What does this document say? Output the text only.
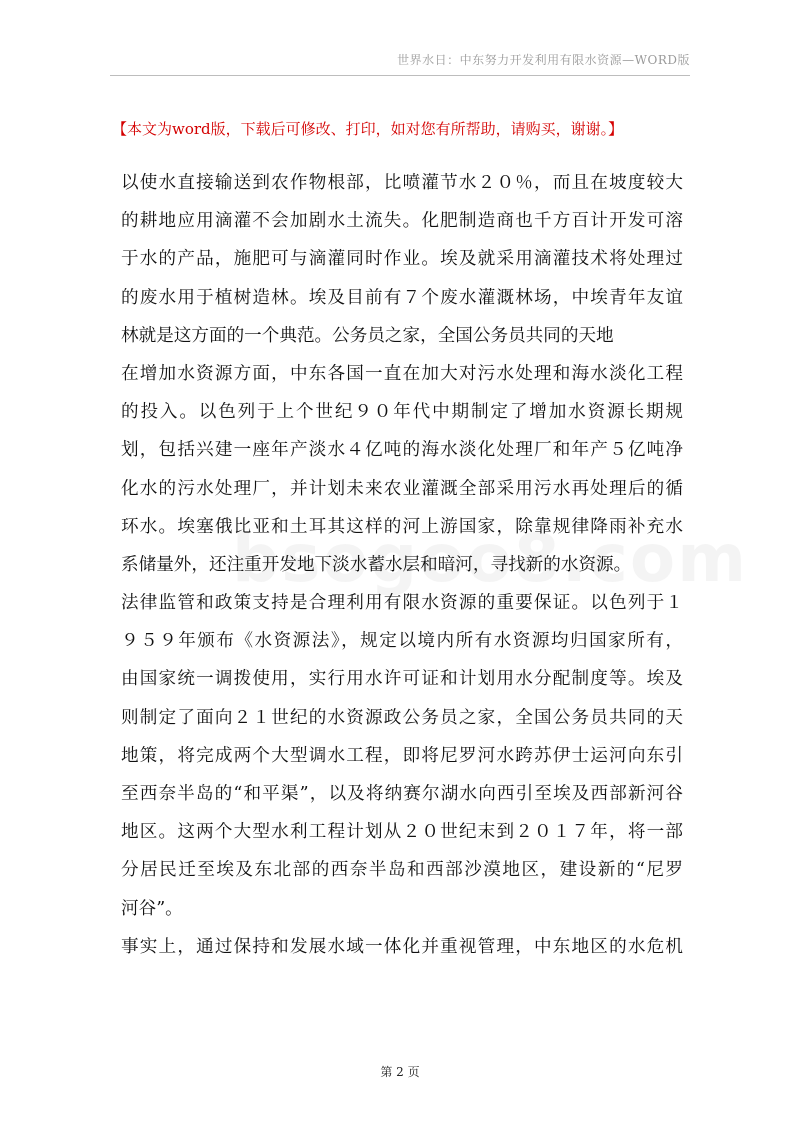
世界水日：中东努力开发利用有限水资源—WORD版
【本文为word版，下载后可修改、打印，如对您有所帮助，请购买，谢谢。】
以使水直接输送到农作物根部，比喷灌节水２０％，而且在坡度较大
的耕地应用滴灌不会加剧水土流失。化肥制造商也千方百计开发可溶
于水的产品，施肥可与滴灌同时作业。埃及就采用滴灌技术将处理过
的废水用于植树造林。埃及目前有７个废水灌溉林场，中埃青年友谊
林就是这方面的一个典范。公务员之家，全国公务员共同的天地
在增加水资源方面，中东各国一直在加大对污水处理和海水淡化工程
的投入。以色列于上个世纪９０年代中期制定了增加水资源长期规
划，包括兴建一座年产淡水４亿吨的海水淡化处理厂和年产５亿吨净
化水的污水处理厂，并计划未来农业灌溉全部采用污水再处理后的循
环水。埃塞俄比亚和土耳其这样的河上游国家，除靠规律降雨补充水
系储量外，还注重开发地下淡水蓄水层和暗河，寻找新的水资源。
法律监管和政策支持是合理利用有限水资源的重要保证。以色列于１
９５９年颁布《水资源法》，规定以境内所有水资源均归国家所有，
由国家统一调拨使用，实行用水许可证和计划用水分配制度等。埃及
则制定了面向２１世纪的水资源政公务员之家，全国公务员共同的天
地策，将完成两个大型调水工程，即将尼罗河水跨苏伊士运河向东引
至西奈半岛的“和平渠”，以及将纳赛尔湖水向西引至埃及西部新河谷
地区。这两个大型水利工程计划从２０世纪末到２０１７年，将一部
分居民迁至埃及东北部的西奈半岛和西部沙漠地区，建设新的“尼罗
河谷”。
事实上，通过保持和发展水域一体化并重视管理，中东地区的水危机
第 2 页
